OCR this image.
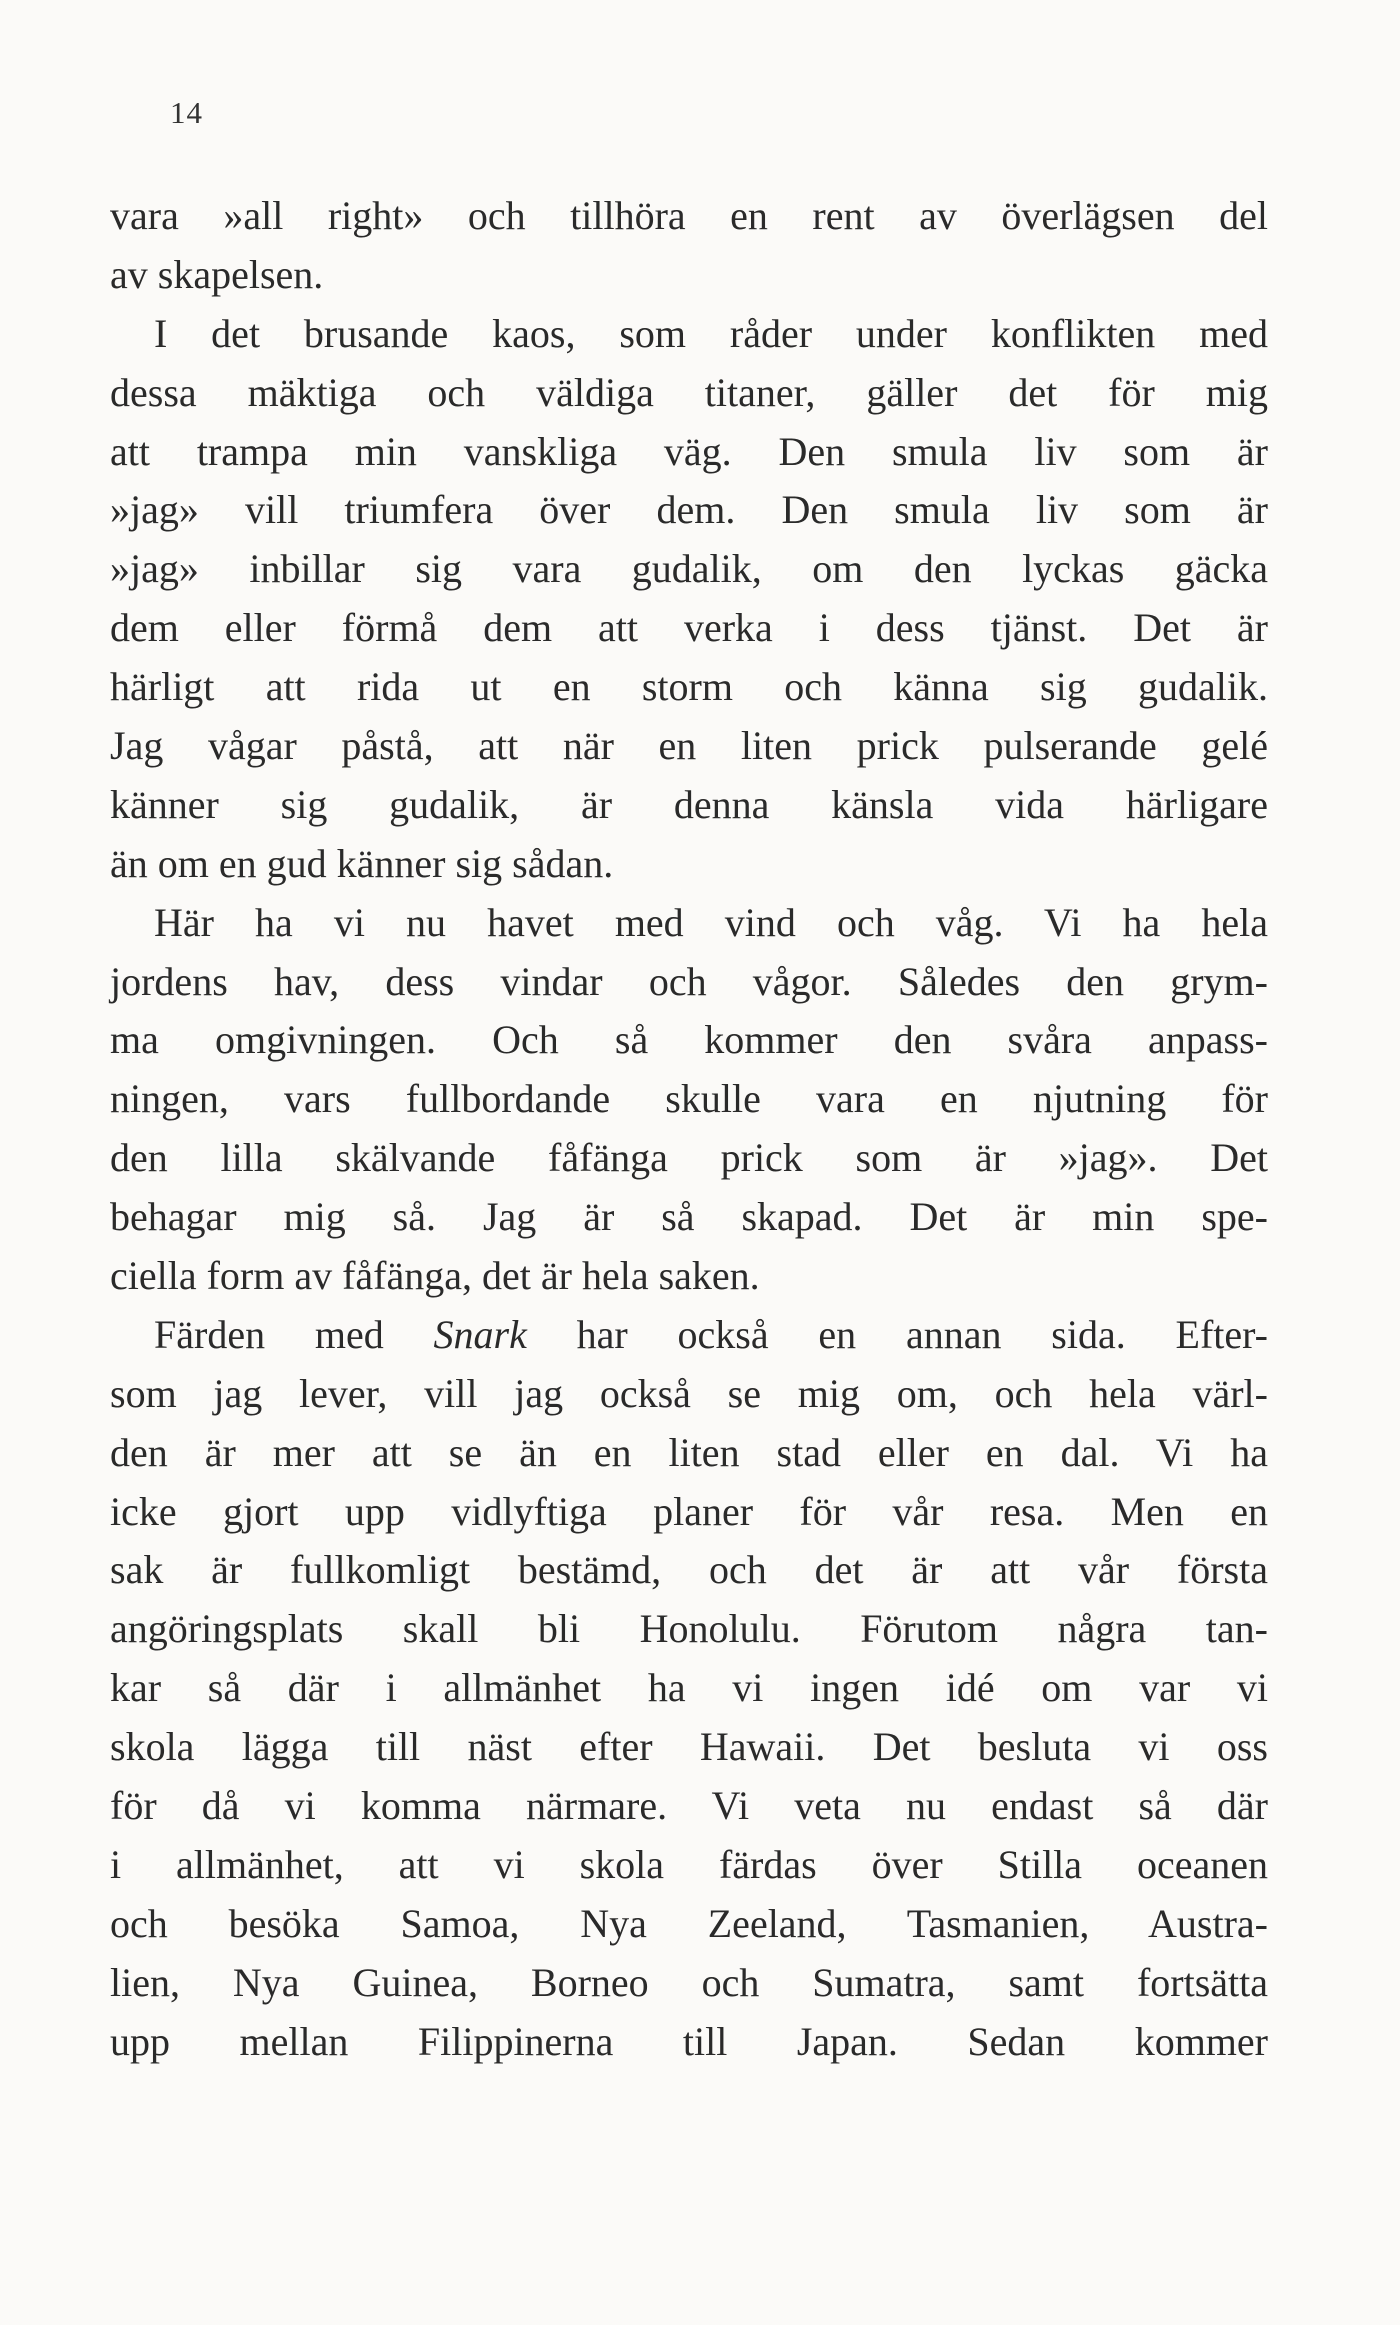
14
vara »all right» och tillhöra en rent av överlägsen del
av skapelsen.
I det brusande kaos, som råder under konflikten med
dessa mäktiga och väldiga titaner, gäller det för mig
att trampa min vanskliga väg. Den smula liv som är
»jag» vill triumfera över dem. Den smula liv som är
»jag» inbillar sig vara gudalik, om den lyckas gäcka
dem eller förmå dem att verka i dess tjänst. Det är
härligt att rida ut en storm och känna sig gudalik.
Jag vågar påstå, att när en liten prick pulserande gelé
känner sig gudalik, är denna känsla vida härligare
än om en gud känner sig sådan.
Här ha vi nu havet med vind och våg. Vi ha hela
jordens hav, dess vindar och vågor. Således den grym-
ma omgivningen. Och så kommer den svåra anpass-
ningen, vars fullbordande skulle vara en njutning för
den lilla skälvande fåfänga prick som är »jag». Det
behagar mig så. Jag är så skapad. Det är min spe-
ciella form av fåfänga, det är hela saken.
Färden med Snark har också en annan sida. Efter-
som jag lever, vill jag också se mig om, och hela värl-
den är mer att se än en liten stad eller en dal. Vi ha
icke gjort upp vidlyftiga planer för vår resa. Men en
sak är fullkomligt bestämd, och det är att vår första
angöringsplats skall bli Honolulu. Förutom några tan-
kar så där i allmänhet ha vi ingen idé om var vi
skola lägga till näst efter Hawaii. Det besluta vi oss
för då vi komma närmare. Vi veta nu endast så där
i allmänhet, att vi skola färdas över Stilla oceanen
och besöka Samoa, Nya Zeeland, Tasmanien, Austra-
lien, Nya Guinea, Borneo och Sumatra, samt fortsätta
upp mellan Filippinerna till Japan. Sedan kommer
